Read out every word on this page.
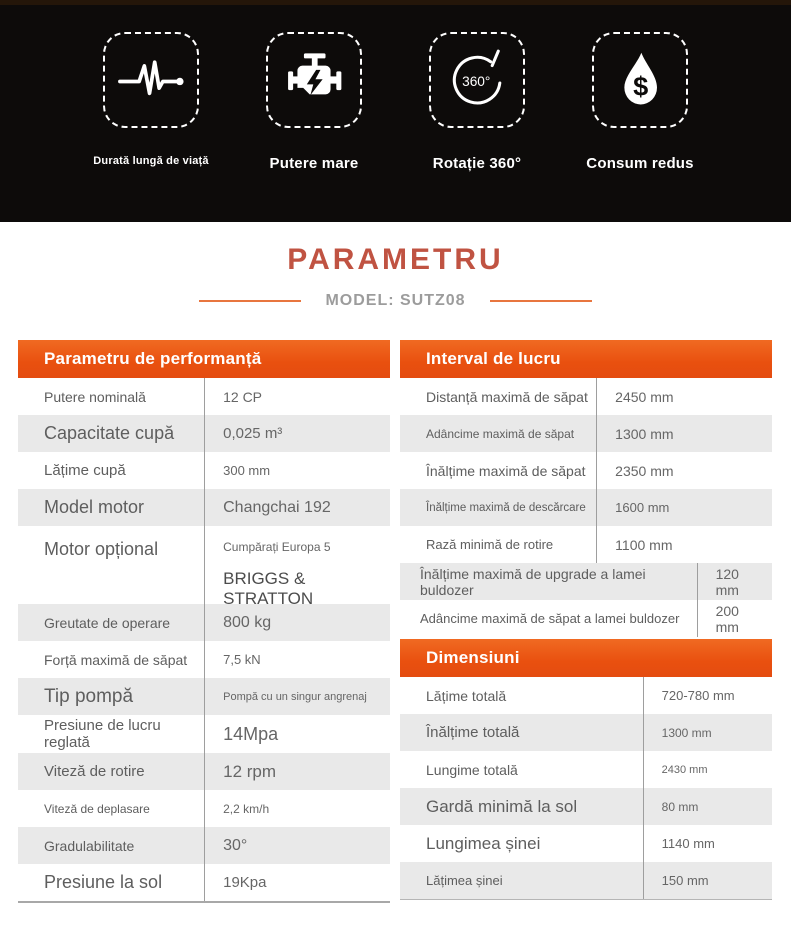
Durată lungă de viață	Putere mare
360°
Rotație 360°
$
Consum redus
PARAMETRU
MODEL: SUTZ08
Parametru de performanță
Putere nominală	12 CP
Capacitate cupă	0,025 m³
Lățime cupă	300 mm
Model motor	Changchai 192
Motor opțional	Cumpărați Europa 5
BRIGGS & STRATTON
Greutate de operare	800 kg
Forță maximă de săpat	7,5 kN
Tip pompă	Pompă cu un singur angrenaj
Presiune de lucru reglată	14Mpa
Viteză de rotire	12 rpm
Viteză de deplasare	2,2 km/h
Gradulabilitate	30°
Presiune la sol	19Kpa
Interval de lucru
Distanță maximă de săpat 2450 mm
Adâncime maximă de săpat	1300 mm
Înălțime maximă de săpat 2350 mm
Înălțime maximă de descărcare 1600 mm
Rază minimă de rotire	1100 mm
Înălțime maximă de upgrade a lamei buldozer
120 mm
Adâncime maximă de săpat a lamei buldozer	200 mm
Dimensiuni
Lățime totală	720-780 mm
Înălțime totală	1300 mm
Lungime totală	2430 mm
Gardă minimă la sol	80 mm
Lungimea șinei	1140 mm
Lățimea șinei	150 mm
